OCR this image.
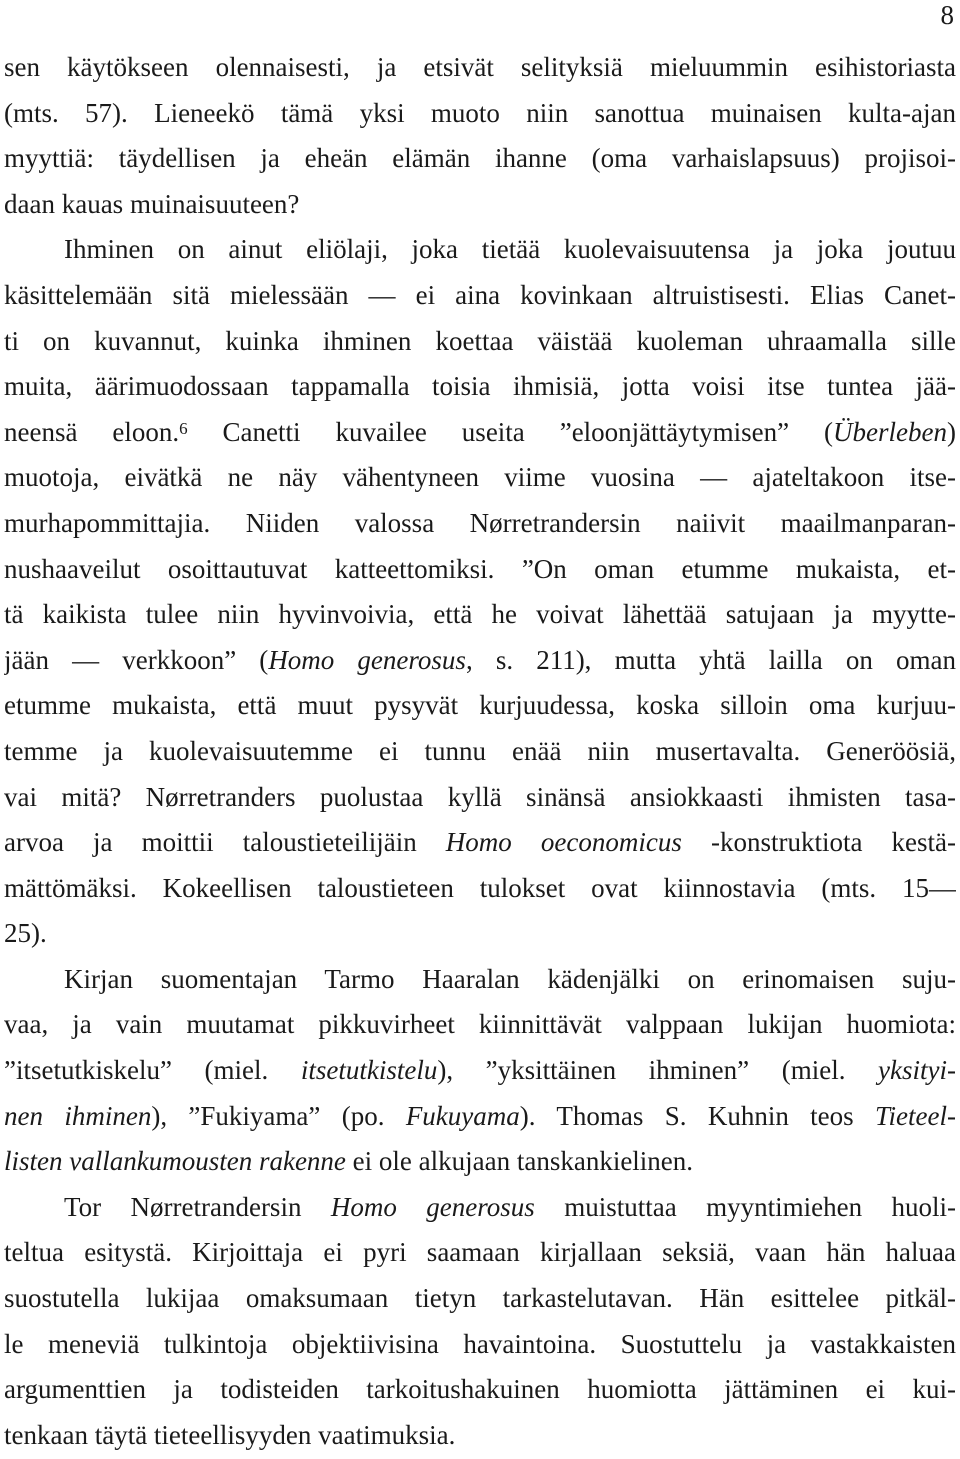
8
sen käytökseen olennaisesti, ja etsivät selityksiä mieluummin esihistoriasta
(mts. 57). Lieneekö tämä yksi muoto niin sanottua muinaisen kulta-ajan
myyttiä: täydellisen ja eheän elämän ihanne (oma varhaislapsuus) projisoi-
daan kauas muinaisuuteen?
Ihminen on ainut eliölaji, joka tietää kuolevaisuutensa ja joka joutuu
käsittelemään sitä mielessään — ei aina kovinkaan altruistisesti. Elias Canet-
ti on kuvannut, kuinka ihminen koettaa väistää kuoleman uhraamalla sille
muita, äärimuodossaan tappamalla toisia ihmisiä, jotta voisi itse tuntea jää-
neensä eloon.$^6$ Canetti kuvailee useita ”eloonjättäytymisen” (Überleben)
muotoja, eivätkä ne näy vähentyneen viime vuosina — ajateltakoon itse-
murhapommittajia. Niiden valossa Nørretrandersin naiivit maailmanparan-
nushaaveilut osoittautuvat katteettomiksi. ”On oman etumme mukaista, et-
tä kaikista tulee niin hyvinvoivia, että he voivat lähettää satujaan ja myytte-
jään — verkkoon” (Homo generosus, s. 211), mutta yhtä lailla on oman
etumme mukaista, että muut pysyvät kurjuudessa, koska silloin oma kurjuu-
temme ja kuolevaisuutemme ei tunnu enää niin musertavalta. Generöösiä,
vai mitä? Nørretranders puolustaa kyllä sinänsä ansiokkaasti ihmisten tasa-
arvoa ja moittii taloustieteilijäin Homo oeconomicus -konstruktiota kestä-
mättömäksi. Kokeellisen taloustieteen tulokset ovat kiinnostavia (mts. 15—
25).
Kirjan suomentajan Tarmo Haaralan kädenjälki on erinomaisen suju-
vaa, ja vain muutamat pikkuvirheet kiinnittävät valppaan lukijan huomiota:
”itsetutkiskelu” (miel. itsetutkistelu), ”yksittäinen ihminen” (miel. yksityi-
nen ihminen), ”Fukiyama” (po. Fukuyama). Thomas S. Kuhnin teos Tieteel-
listen vallankumousten rakenne ei ole alkujaan tanskankielinen.
Tor Nørretrandersin Homo generosus muistuttaa myyntimiehen huoli-
teltua esitystä. Kirjoittaja ei pyri saamaan kirjallaan seksiä, vaan hän haluaa
suostutella lukijaa omaksumaan tietyn tarkastelutavan. Hän esittelee pitkäl-
le meneviä tulkintoja objektiivisina havaintoina. Suostuttelu ja vastakkaisten
argumenttien ja todisteiden tarkoitushakuinen huomiotta jättäminen ei kui-
tenkaan täytä tieteellisyyden vaatimuksia.
